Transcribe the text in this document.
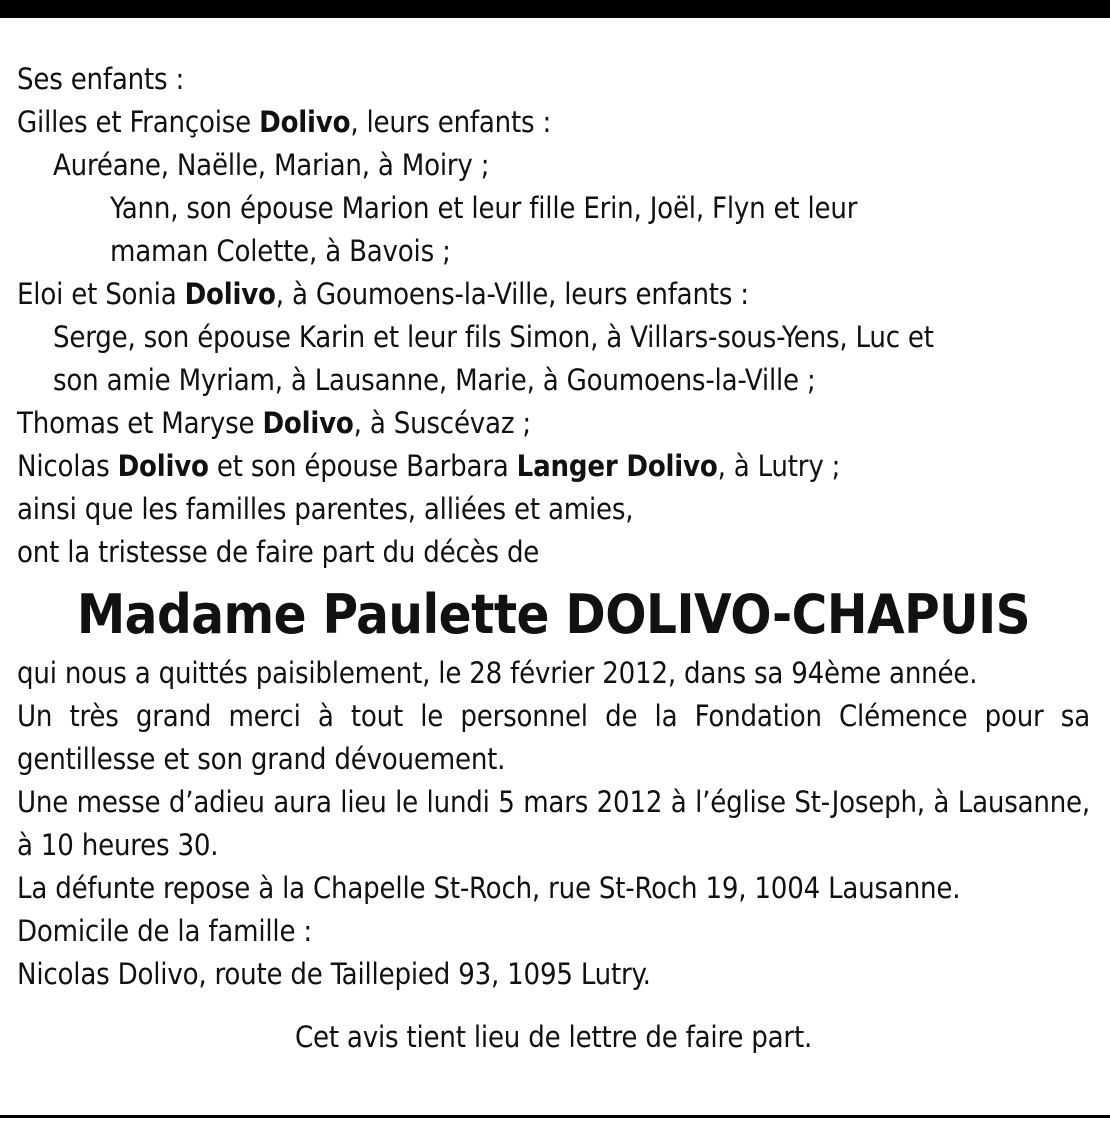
Ses enfants :
Gilles et Françoise Dolivo, leurs enfants :
Auréane, Naëlle, Marian, à Moiry ;
Yann, son épouse Marion et leur fille Erin, Joël, Flyn et leur
maman Colette, à Bavois ;
Eloi et Sonia Dolivo, à Goumoens-la-Ville, leurs enfants :
Serge, son épouse Karin et leur fils Simon, à Villars-sous-Yens, Luc et
son amie Myriam, à Lausanne, Marie, à Goumoens-la-Ville ;
Thomas et Maryse Dolivo, à Suscévaz ;
Nicolas Dolivo et son épouse Barbara Langer Dolivo, à Lutry ;
ainsi que les familles parentes, alliées et amies,
ont la tristesse de faire part du décès de
Madame Paulette DOLIVO-CHAPUIS
qui nous a quittés paisiblement, le 28 février 2012, dans sa 94ème année.
Un très grand merci à tout le personnel de la Fondation Clémence pour sa gentillesse et son grand dévouement.
Une messe d’adieu aura lieu le lundi 5 mars 2012 à l’église St-Joseph, à Lausanne, à 10 heures 30.
La défunte repose à la Chapelle St-Roch, rue St-Roch 19, 1004 Lausanne.
Domicile de la famille :
Nicolas Dolivo, route de Taillepied 93, 1095 Lutry.
Cet avis tient lieu de lettre de faire part.
